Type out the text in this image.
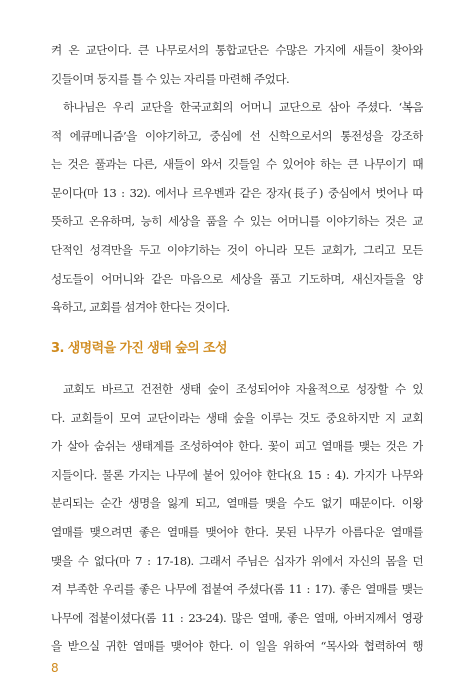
켜 온 교단이다. 큰 나무로서의 통합교단은 수많은 가지에 새들이 찾아와
깃들이며 둥지를 틀 수 있는 자리를 마련해 주었다.
하나님은 우리 교단을 한국교회의 어머니 교단으로 삼아 주셨다. ‘복음
적 에큐메니즘’을 이야기하고, 중심에 선 신학으로서의 통전성을 강조하
는 것은 풀과는 다른, 새들이 와서 깃들일 수 있어야 하는 큰 나무이기 때
문이다(마 13 : 32). 에서나 르우벤과 같은 장자(長子) 중심에서 벗어나 따
뜻하고 온유하며, 능히 세상을 품을 수 있는 어머니를 이야기하는 것은 교
단적인 성격만을 두고 이야기하는 것이 아니라 모든 교회가, 그리고 모든
성도들이 어머니와 같은 마음으로 세상을 품고 기도하며, 새신자들을 양
육하고, 교회를 섬겨야 한다는 것이다.
3. 생명력을 가진 생태 숲의 조성
교회도 바르고 건전한 생태 숲이 조성되어야 자율적으로 성장할 수 있
다. 교회들이 모여 교단이라는 생태 숲을 이루는 것도 중요하지만 지 교회
가 살아 숨쉬는 생태계를 조성하여야 한다. 꽃이 피고 열매를 맺는 것은 가
지들이다. 물론 가지는 나무에 붙어 있어야 한다(요 15 : 4). 가지가 나무와
분리되는 순간 생명을 잃게 되고, 열매를 맺을 수도 없기 때문이다. 이왕
열매를 맺으려면 좋은 열매를 맺어야 한다. 못된 나무가 아름다운 열매를
맺을 수 없다(마 7 : 17-18). 그래서 주님은 십자가 위에서 자신의 몸을 던
져 부족한 우리를 좋은 나무에 접붙여 주셨다(롬 11 : 17). 좋은 열매를 맺는
나무에 접붙이셨다(롬 11 : 23-24). 많은 열매, 좋은 열매, 아버지께서 영광
을 받으실 귀한 열매를 맺어야 한다. 이 일을 위하여 “목사와 협력하여 행
8
